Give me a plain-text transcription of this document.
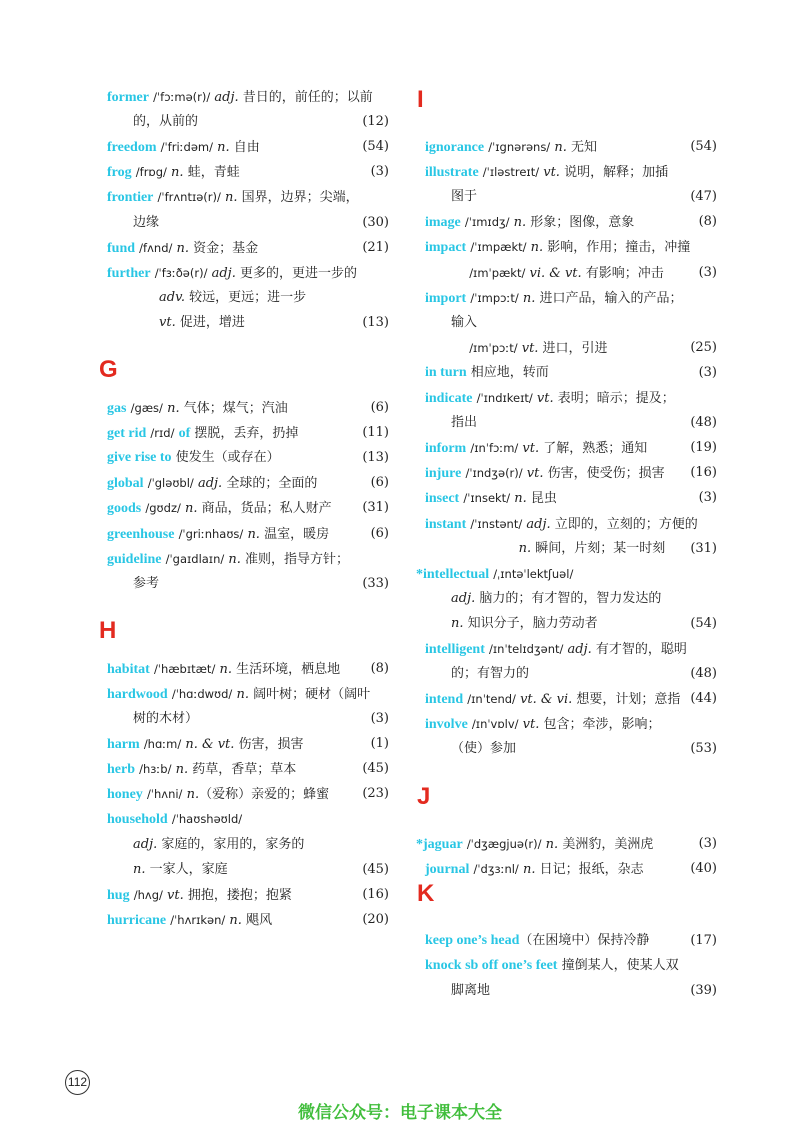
former /ˈfɔːmə(r)/ adj. 昔日的，前任的；以前
的，从前的	(12)
freedom /ˈfriːdəm/ n. 自由	(54)
frog /frɒg/ n. 蛙，青蛙	(3)
frontier /ˈfrʌntɪə(r)/ n. 国界，边界；尖端，
边缘	(30)
fund /fʌnd/ n. 资金；基金	(21)
further /ˈfɜːðə(r)/ adj. 更多的，更进一步的
adv. 较远，更远；进一步
vt. 促进，增进	(13)
G
gas /gæs/ n. 气体；煤气；汽油	(6)
get rid /rɪd/ of 摆脱，丢弃，扔掉	(11)
give rise to 使发生（或存在）	(13)
global /ˈgləʊbl/ adj. 全球的；全面的	(6)
goods /gʊdz/ n. 商品，货品；私人财产 (31)
greenhouse /ˈgriːnhaʊs/ n. 温室，暖房	(6)
guideline /ˈgaɪdlaɪn/ n. 准则，指导方针；
参考	(33)
H
habitat /ˈhæbɪtæt/ n. 生活环境，栖息地 (8)
hardwood /ˈhɑːdwʊd/ n. 阔叶树；硬材（阔叶
树的木材）	(3)
harm /hɑːm/ n. & vt. 伤害，损害	(1)
herb /hɜːb/ n. 药草，香草；草本	(45)
honey /ˈhʌni/ n.（爱称）亲爱的；蜂蜜	(23)
household /ˈhaʊshəʊld/
adj. 家庭的，家用的，家务的
n. 一家人，家庭	(45)
hug /hʌg/ vt. 拥抱，搂抱；抱紧	(16)
hurricane /ˈhʌrɪkən/ n. 飓风	(20)
I
ignorance /ˈɪgnərəns/ n. 无知	(54)
illustrate /ˈɪləstreɪt/ vt. 说明，解释；加插
图于	(47)
image /ˈɪmɪdʒ/ n. 形象；图像，意象	(8)
impact /ˈɪmpækt/ n. 影响，作用；撞击，冲撞
/ɪmˈpækt/ vi. & vt. 有影响；冲击	(3)
import /ˈɪmpɔːt/ n. 进口产品，输入的产品；
输入
/ɪmˈpɔːt/ vt. 进口，引进	(25)
in turn 相应地，转而	(3)
indicate /ˈɪndɪkeɪt/ vt. 表明；暗示；提及；
指出	(48)
inform /ɪnˈfɔːm/ vt. 了解，熟悉；通知	(19)
injure /ˈɪndʒə(r)/ vt. 伤害，使受伤；损害 (16)
insect /ˈɪnsekt/ n. 昆虫	(3)
instant /ˈɪnstənt/ adj. 立即的，立刻的；方便的
n. 瞬间，片刻；某一时刻 (31)
*intellectual /ˌɪntəˈlektʃuəl/
adj. 脑力的；有才智的，智力发达的
n. 知识分子，脑力劳动者	(54)
intelligent /ɪnˈtelɪdʒənt/ adj. 有才智的，聪明
的；有智力的	(48)
intend /ɪnˈtend/ vt. & vi. 想要，计划；意指 (44)
involve /ɪnˈvɒlv/ vt. 包含；牵涉，影响；
（使）参加	(53)
J
*jaguar /ˈdʒægjuə(r)/ n. 美洲豹，美洲虎	(3)
journal /ˈdʒɜːnl/ n. 日记；报纸，杂志	(40)
K
keep one’s head（在困境中）保持冷静	(17)
knock sb off one’s feet 撞倒某人，使某人双
脚离地	(39)
112
微信公众号：电子课本大全
